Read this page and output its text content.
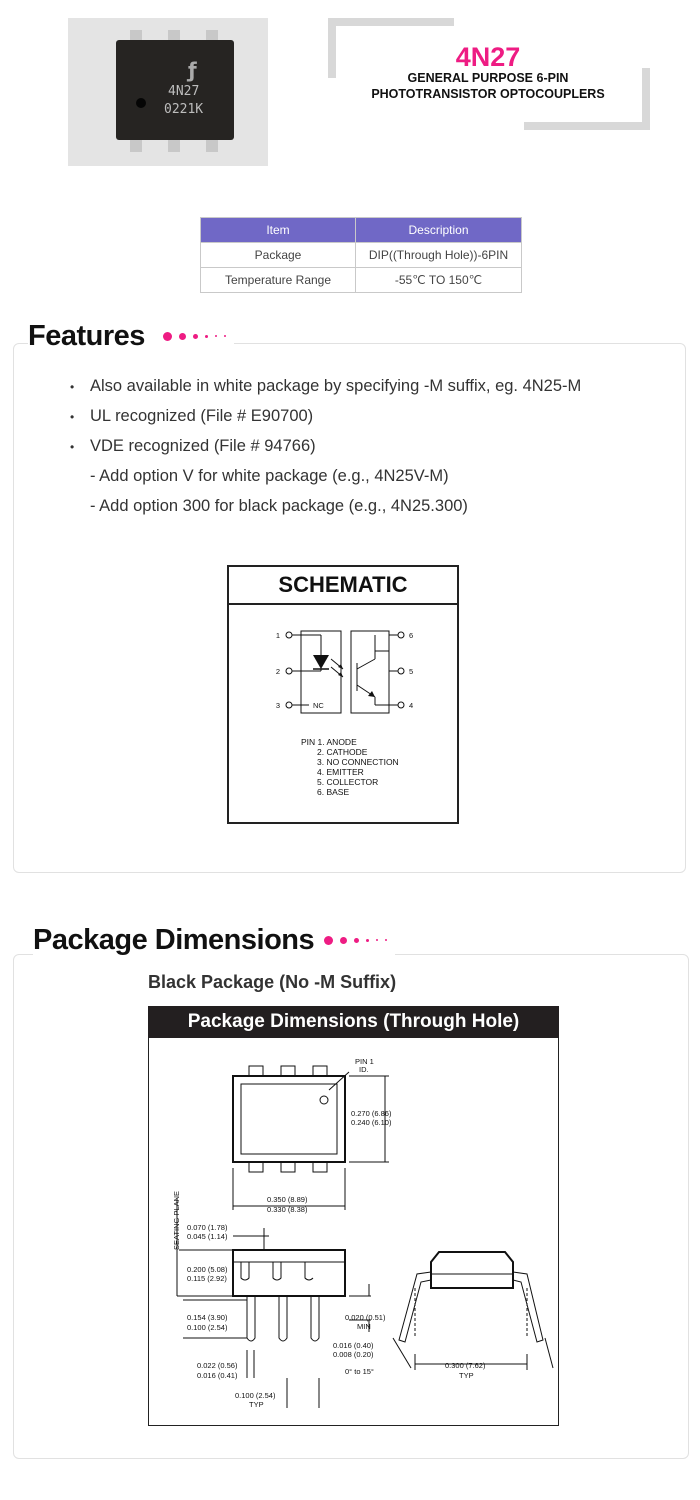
ƒ
4N27
0221K
4N27
GENERAL PURPOSE 6-PIN
PHOTOTRANSISTOR OPTOCOUPLERS
Item	Description
Package	DIP((Through Hole))-6PIN
Temperature Range	-55℃ TO 150℃
Features
• Also available in white package by specifying -M suffix, eg. 4N25-M
• UL recognized (File # E90700)
• VDE recognized (File # 94766)
- Add option V for white package (e.g., 4N25V-M)
- Add option 300 for black package (e.g., 4N25.300)
SCHEMATIC
1
2
3
6
5
4
NC
PIN 1. ANODE
2. CATHODE
3. NO CONNECTION
4. EMITTER
5. COLLECTOR
6. BASE
Package Dimensions
Black Package (No -M Suffix)
Package Dimensions (Through Hole)
PIN 1
ID.
0.270 (6.86)
0.240 (6.10)
0.350 (8.89)
0.330 (8.38)
SEATING PLANE 0.070 (1.78)
0.045 (1.14)
0.200 (5.08)
0.115 (2.92)
0.154 (3.90)
0.100 (2.54)
0.022 (0.56)
0.016 (0.41)
0.100 (2.54)
TYP
0.020 (0.51)
MIN
0.016 (0.40)
0.008 (0.20)
0° to 15°
0.300 (7.62)
TYP
